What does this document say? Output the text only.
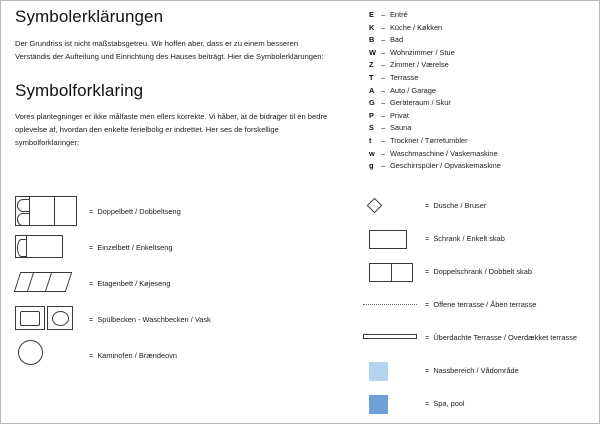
Symbolerklärungen

Der Grundriss ist nicht maßstabsgetreu. Wir hoffen aber, dass er zu einem besseren Verständis der Aufteilung und Einrichtung des Hauses beiträgt. Hier die Symbolerklärungen:

Symbolforklaring

Vores plantegninger er ikke målfaste men ellers korrekte. Vi håber, at de bidrager til en bedre oplevelse af, hvordan den enkelte ferielbolig er indrettet. Her ses de forskellige symbolforklaringer:

= Doppelbett / Dobbeltseng
= Einzelbett / Enkeltseng
= Etagenbett / Køjeseng
= Spülbecken - Waschbecken / Vask
= Kaminofen / Brændeovn
E – Entré
K – Küche / Køkken
B – Bad
W – Wohnzimmer / Stue
Z	– Zimmer / Værelse
T	– Terrasse
A – Auto / Garage
G – Geräteraum / Skur
P – Privat
S – Sauna
t	– Trockner / Tørretumbler
w – Waschmaschine / Vaskemaskine
g	– Geschirrspüler / Opvaskemaskine
= Dusche / Bruser
= Schrank / Enkelt skab
= Doppelschrank / Dobbelt skab
= Offene terrasse / Åben terrasse
= Überdachte Terrasse / Overdækket terrasse
= Nassbereich / Vådområde
= Spa, pool
